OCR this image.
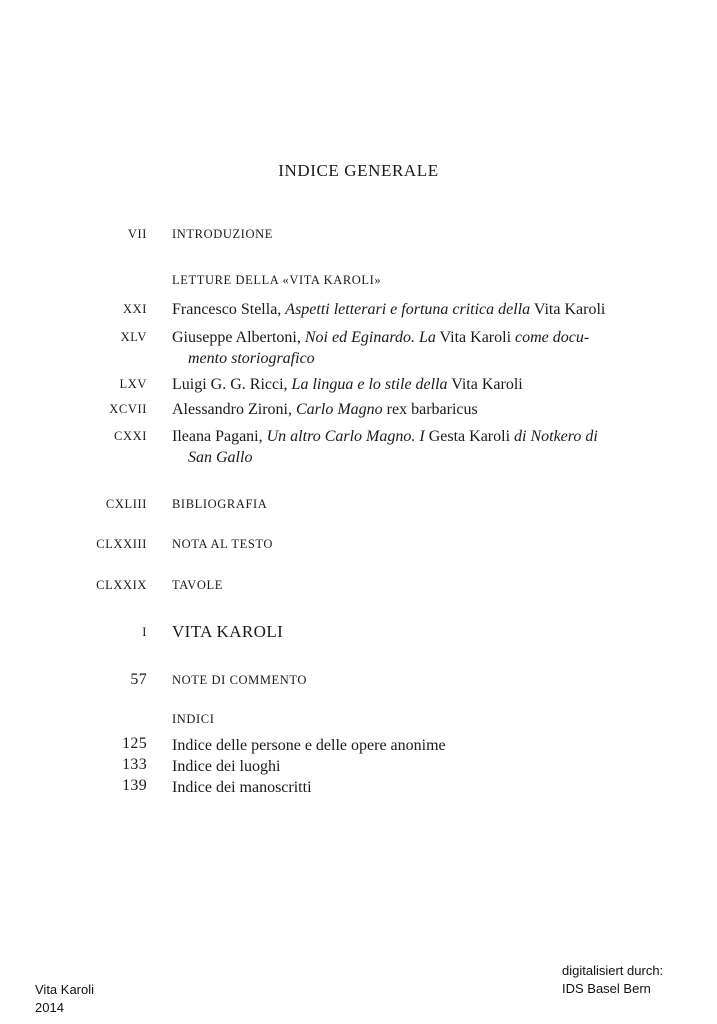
INDICE GENERALE
VII INTRODUZIONE
LETTURE DELLA «VITA KAROLI»
XXI Francesco Stella, Aspetti letterari e fortuna critica della Vita Karoli
XLV Giuseppe Albertoni, Noi ed Eginardo. La Vita Karoli come docu-
mento storiografico
LXV Luigi G. G. Ricci, La lingua e lo stile della Vita Karoli
XCVII Alessandro Zironi, Carlo Magno rex barbaricus
CXXI Ileana Pagani, Un altro Carlo Magno. I Gesta Karoli di Notkero di
San Gallo
CXLIII BIBLIOGRAFIA
CLXXIII NOTA AL TESTO
CLXXIX TAVOLE
I VITA KAROLI
57 NOTE DI COMMENTO
INDICI
125 Indice delle persone e delle opere anonime
133 Indice dei luoghi
139 Indice dei manoscritti
Vita Karoli
2014
digitalisiert durch:
IDS Basel Bern
